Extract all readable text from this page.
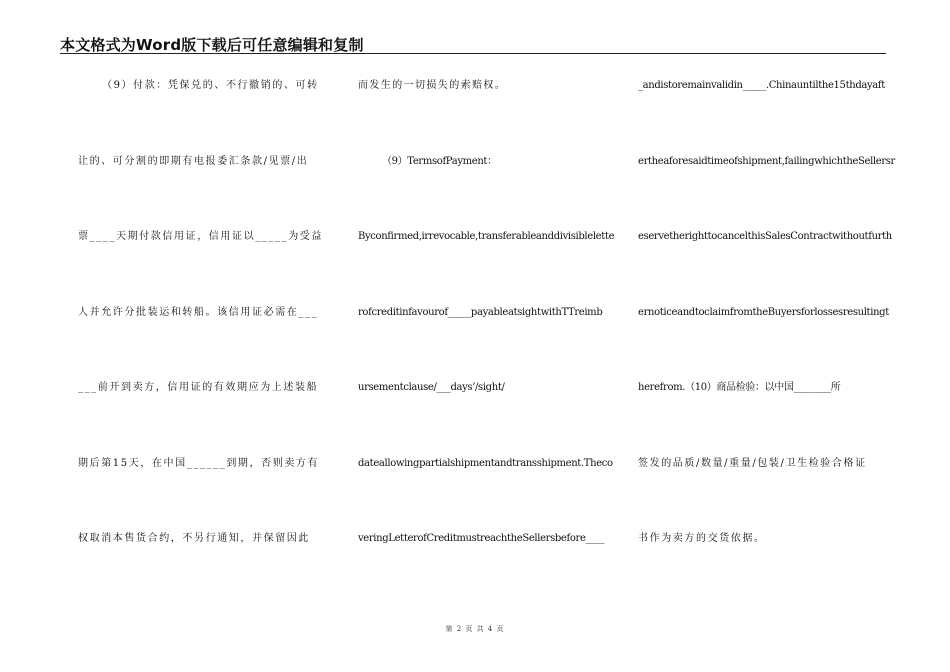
本文格式为Word版下载后可任意编辑和复制
（9）付款：凭保兑的、不行撤销的、可转
让的、可分割的即期有电报委汇条款/见票/出
票____天期付款信用证，信用证以_____为受益
人并允许分批装运和转船。该信用证必需在___
___前开到卖方，信用证的有效期应为上述装船
期后第15天，在中国______到期，否则卖方有
权取消本售货合约，不另行通知，并保留因此
而发生的一切损失的索赔权。
（9）TermsofPayment：
Byconfirmed,irrevocable,transferableanddivisiblelette
rofcreditinfavourof_____payableatsightwithTTreimb
ursementclause/___days’/sight/
dateallowingpartialshipmentandtransshipment.Theco
veringLetterofCreditmustreachtheSellersbefore____
_andistoremainvalidin_____.Chinauntilthe15thdayaft
ertheaforesaidtimeofshipment,failingwhichtheSellersr
eservetherighttocancelthisSalesContractwithoutfurth
ernoticeandtoclaimfromtheBuyersforlossesresultingt
herefrom.（10）商品检验：以中国________所
签发的品质/数量/重量/包装/卫生检验合格证
书作为卖方的交货依据。
第 2 页 共 4 页
